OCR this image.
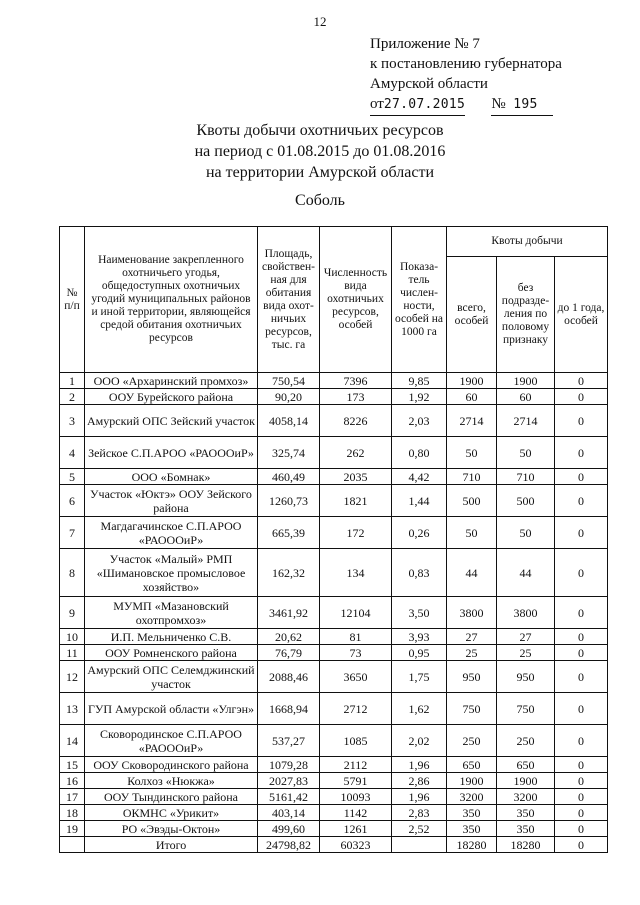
12
Приложение № 7
к постановлению губернатора
Амурской области
от27.07.2015 № 195
Квоты добычи охотничьих ресурсов
на период с 01.08.2015 до 01.08.2016
на территории Амурской области
Соболь
№ п/п	Наименование закрепленного охотничьего угодья, общедоступных охотничьих угодий муниципальных районов и иной территории, являющейся средой обитания охотничьих ресурсов	Площадь, свойствен-ная для обитания вида охот-ничьих ресурсов, тыс. га	Численность вида охотничьих ресурсов, особей	Показа-тель числен-ности, особей на 1000 га	Квоты добычи		
					всего, особей	без подразде-ления по половому признаку	до 1 года, особей
1	ООО «Архаринский промхоз»	750,54	7396	9,85	1900	1900	0
2	ООУ Бурейского района	90,20	173	1,92	60	60	0
3	Амурский ОПС Зейский участок	4058,14	8226	2,03	2714	2714	0
4	Зейское С.П.АРОО «РАОООиР»	325,74	262	0,80	50	50	0
5	ООО «Бомнак»	460,49	2035	4,42	710	710	0
6	Участок «Юктэ» ООУ Зейского района	1260,73	1821	1,44	500	500	0
7	Магдагачинское С.П.АРОО «РАОООиР»	665,39	172	0,26	50	50	0
8	Участок «Малый» РМП «Шимановское промысловое хозяйство»	162,32	134	0,83	44	44	0
9	МУМП «Мазановский охотпромхоз»	3461,92	12104	3,50	3800	3800	0
10	И.П. Мельниченко С.В.	20,62	81	3,93	27	27	0
11	ООУ Ромненского района	76,79	73	0,95	25	25	0
12	Амурский ОПС Селемджинский участок	2088,46	3650	1,75	950	950	0
13	ГУП Амурской области «Улгэн»	1668,94	2712	1,62	750	750	0
14	Сковородинское С.П.АРОО «РАОООиР»	537,27	1085	2,02	250	250	0
15	ООУ Сковородинского района	1079,28	2112	1,96	650	650	0
16	Колхоз «Нюкжа»	2027,83	5791	2,86	1900	1900	0
17	ООУ Тындинского района	5161,42	10093	1,96	3200	3200	0
18	ОКМНС «Урикит»	403,14	1142	2,83	350	350	0
19	РО «Эвэды-Октон»	499,60	1261	2,52	350	350	0
	Итого	24798,82	60323		18280	18280	0
